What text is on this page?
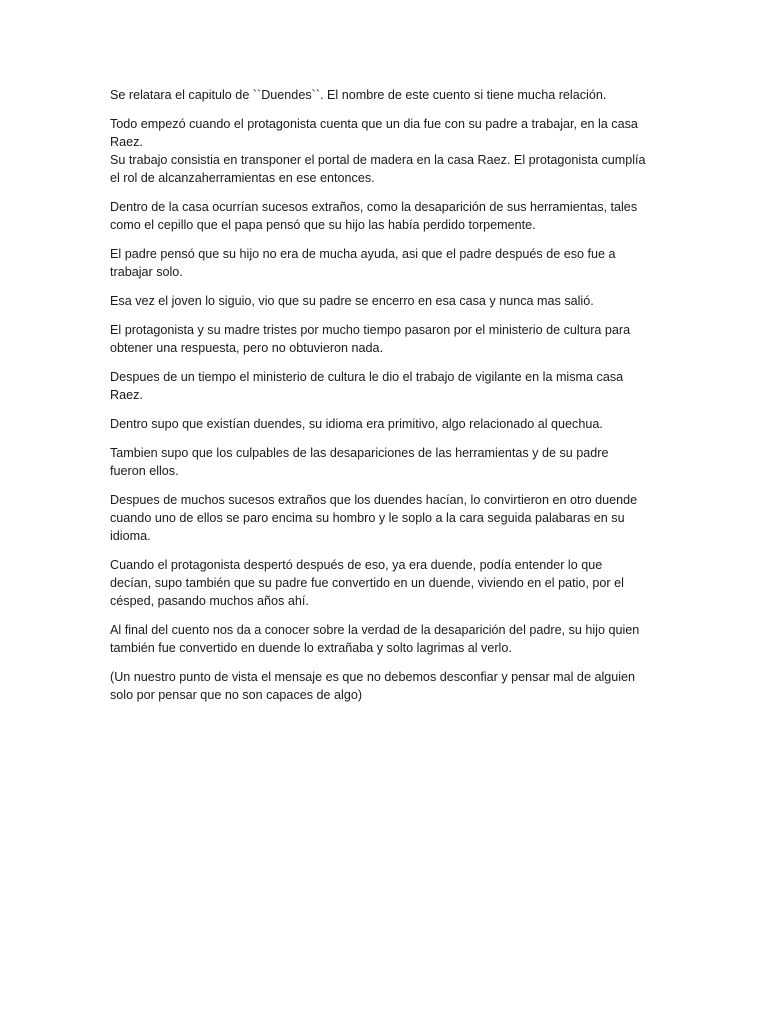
Se relatara el capitulo de ``Duendes``. El nombre de este cuento si tiene mucha relación.

Todo empezó cuando el protagonista cuenta que un dia fue con su padre a trabajar, en la casa
Raez.
Su trabajo consistia en transponer el portal de madera en la casa Raez. El protagonista cumplía
el rol de alcanzaherramientas en ese entonces.

Dentro de la casa ocurrían sucesos extraños, como la desaparición de sus herramientas, tales
como el cepillo que el papa pensó que su hijo las había perdido torpemente.

El padre pensó que su hijo no era de mucha ayuda, asi que el padre después de eso fue a
trabajar solo.

Esa vez el joven lo siguio, vio que su padre se encerro en esa casa y nunca mas salió.

El protagonista y su madre tristes por mucho tiempo pasaron por el ministerio de cultura para
obtener una respuesta, pero no obtuvieron nada.

Despues de un tiempo el ministerio de cultura le dio el trabajo de vigilante en la misma casa
Raez.

Dentro supo que existían duendes, su idioma era primitivo, algo relacionado al quechua.

Tambien supo que los culpables de las desapariciones de las herramientas y de su padre
fueron ellos.

Despues de muchos sucesos extraños que los duendes hacían, lo convirtieron en otro duende
cuando uno de ellos se paro encima su hombro y le soplo a la cara seguida palabaras en su
idioma.

Cuando el protagonista despertó después de eso, ya era duende, podía entender lo que
decían, supo también que su padre fue convertido en un duende, viviendo en el patio, por el
césped, pasando muchos años ahí.

Al final del cuento nos da a conocer sobre la verdad de la desaparición del padre, su hijo quien
también fue convertido en duende lo extrañaba y solto lagrimas al verlo.

(Un nuestro punto de vista el mensaje es que no debemos desconfiar y pensar mal de alguien
solo por pensar que no son capaces de algo)
